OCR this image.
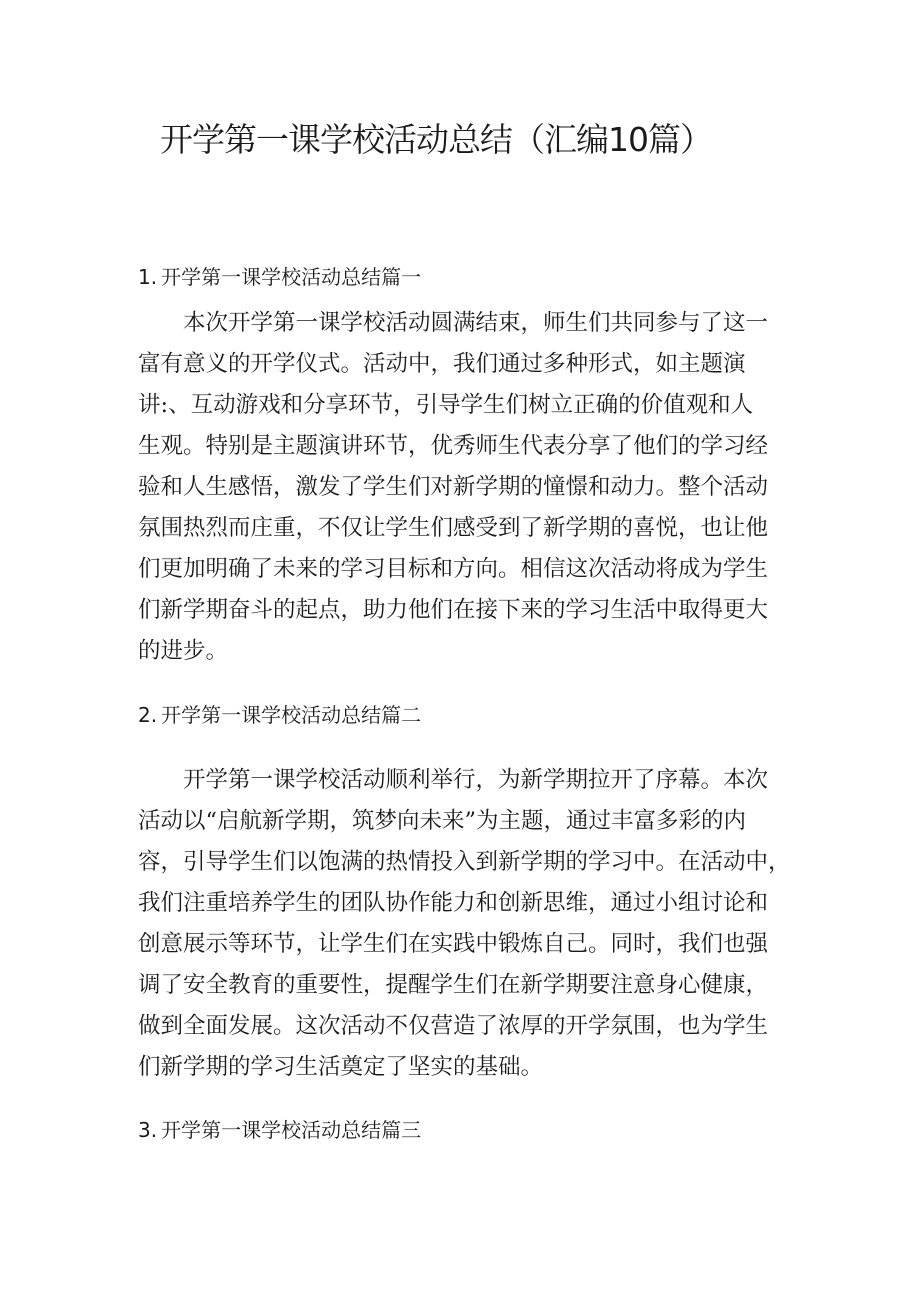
开学第一课学校活动总结（汇编10篇）
1. 开学第一课学校活动总结篇一
本次开学第一课学校活动圆满结束，师生们共同参与了这一
富有意义的开学仪式。活动中，我们通过多种形式，如主题演
讲:、互动游戏和分享环节，引导学生们树立正确的价值观和人
生观。特别是主题演讲环节，优秀师生代表分享了他们的学习经
验和人生感悟，激发了学生们对新学期的憧憬和动力。整个活动
氛围热烈而庄重，不仅让学生们感受到了新学期的喜悦，也让他
们更加明确了未来的学习目标和方向。相信这次活动将成为学生
们新学期奋斗的起点，助力他们在接下来的学习生活中取得更大
的进步。
2. 开学第一课学校活动总结篇二
开学第一课学校活动顺利举行，为新学期拉开了序幕。本次
活动以“启航新学期，筑梦向未来”为主题，通过丰富多彩的内
容，引导学生们以饱满的热情投入到新学期的学习中。在活动中，
我们注重培养学生的团队协作能力和创新思维，通过小组讨论和
创意展示等环节，让学生们在实践中锻炼自己。同时，我们也强
调了安全教育的重要性，提醒学生们在新学期要注意身心健康，
做到全面发展。这次活动不仅营造了浓厚的开学氛围，也为学生
们新学期的学习生活奠定了坚实的基础。
3. 开学第一课学校活动总结篇三
